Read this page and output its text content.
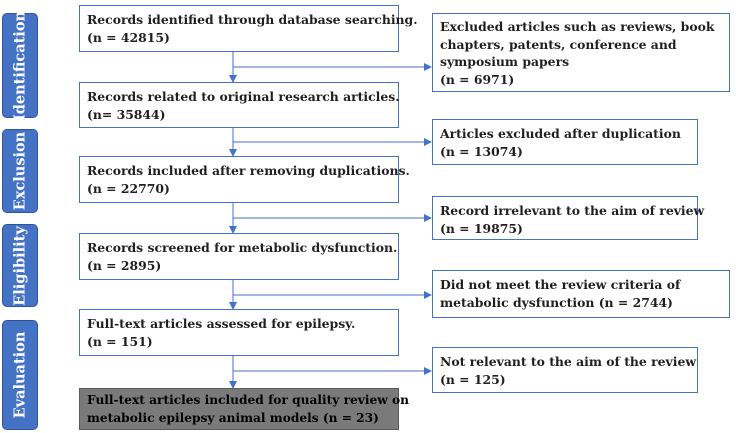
Identification
Exclusion
Eligibility
Evaluation
Records identified through database searching.
(n = 42815)
Records related to original research articles.
(n= 35844)
Records included after removing duplications.
(n = 22770)
Records screened for metabolic dysfunction.
(n = 2895)
Full-text articles assessed for epilepsy.
(n = 151)
Full-text articles included for quality review on
metabolic epilepsy animal models (n = 23)
Excluded articles such as reviews, book
chapters, patents, conference and
symposium papers
(n = 6971)
Articles excluded after duplication
(n = 13074)
Record irrelevant to the aim of review
(n = 19875)
Did not meet the review criteria of
metabolic dysfunction (n = 2744)
Not relevant to the aim of the review
(n = 125)
